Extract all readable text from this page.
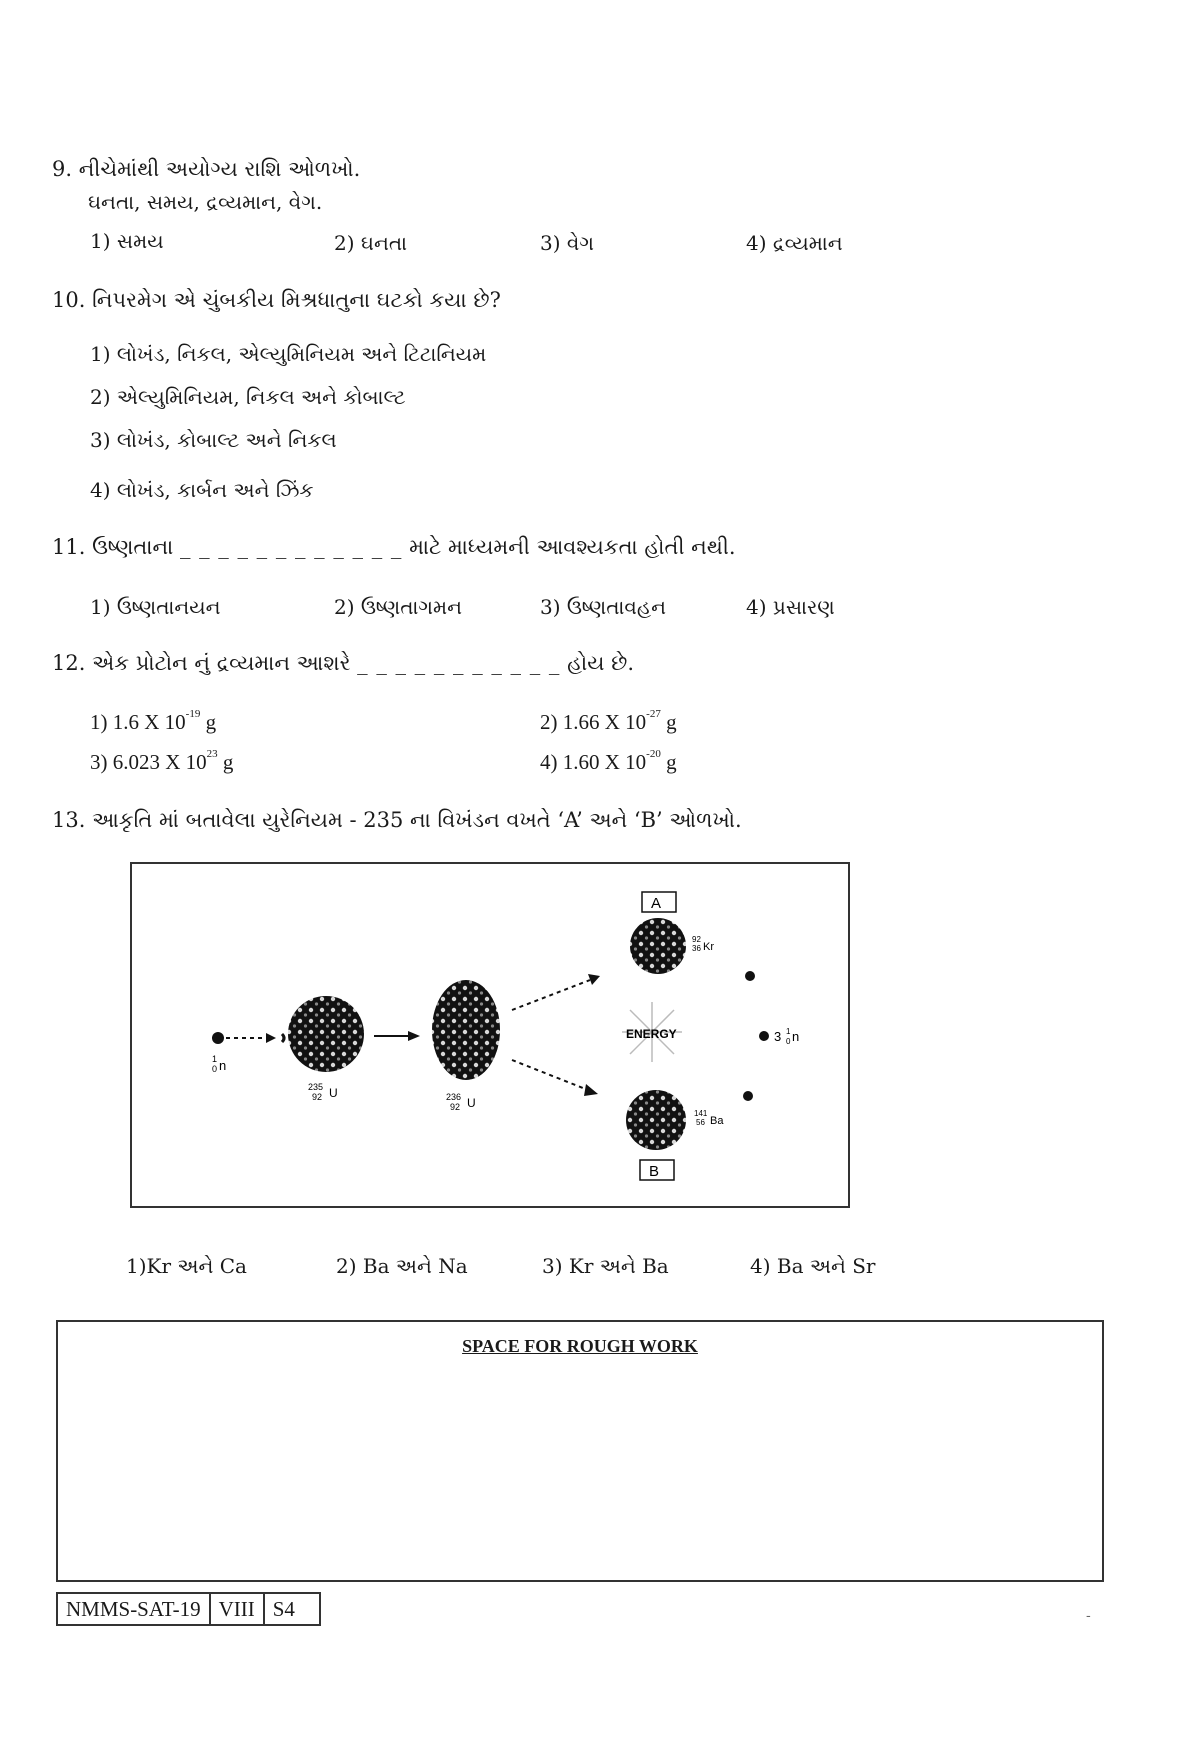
9. નીચેમાંથી અયોગ્ય રાશિ ઓળખો.
ઘનતા, સમય, દ્રવ્યમાન, વેગ.
1) સમય	2) ઘનતા	3) વેગ	4) દ્રવ્યમાન
10. નિપરમેગ એ ચુંબકીય મિશ્રધાતુના ઘટકો કયા છે?
1) લોખંડ, નિકલ, એલ્યુમિનિયમ અને ટિટાનિયમ
2) એલ્યુમિનિયમ, નિકલ અને કોબાલ્ટ
3) લોખંડ, કોબાલ્ટ અને નિકલ
4) લોખંડ, કાર્બન અને ઝિંક
11. ઉષ્ણતાના _ _ _ _ _ _ _ _ _ _ _ _ માટે માધ્યમની આવશ્યકતા હોતી નથી.
1) ઉષ્ણતાનયન	2) ઉષ્ણતાગમન	3) ઉષ્ણતાવહન	4) પ્રસારણ
12. એક પ્રોટોન નું દ્રવ્યમાન આશરે _ _ _ _ _ _ _ _ _ _ _ હોય છે.
1) 1.6 X $10^{-19}$ g	2) 1.66 X $10^{-27}$ g
3) 6.023 X $10^{23}$ g	4) 1.60 X $10^{-20}$ g
13. આકૃતિ માં બતાવેલા યુરેનિયમ - 235 ના વિખંડન વખતે ‘A’ અને ‘B’ ઓળખો.
1
0 n
235
92 U	236
92 U
ENERGY
A
92
36 Kr
141
56 Ba
B
3 1
0 n
1)Kr અને Ca	2) Ba અને Na	3) Kr અને Ba	4) Ba અને Sr
SPACE FOR ROUGH WORK
NMMS-SAT-19 VIII S4	-
